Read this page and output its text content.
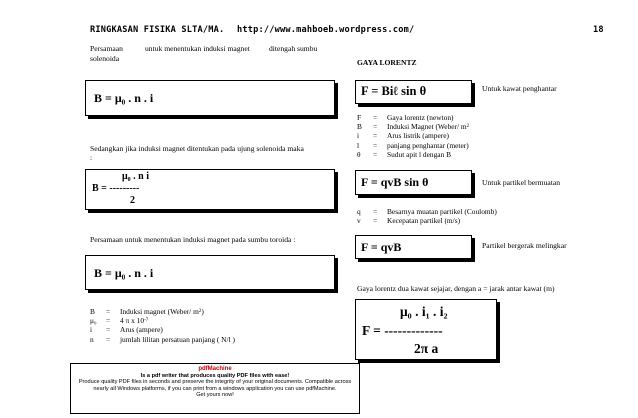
RINGKASAN FISIKA SLTA/MA. http://www.mahboeb.wordpress.com/	18
Persamaan	untuk menentukan induksi magnet	ditengah sumbu
solenoida
B = μ₀ . n . i
Sedangkan jika induksi magnet ditentukan pada ujung solenoida maka
:
μ₀ . n i
B = ---------
2
Persamaan untuk menentukan induksi magnet pada sumbu toroida :
B = μ₀ . n . i
B	=	Induksi magnet (Weber/ m 2 )
μ₀	=	4 π x 10 -7
i	=	Arus (ampere)
n	=	jumlah lilitan persatuan panjang ( N/l )
GAYA LORENTZ
F = Biℓ sin θ	Untuk kawat penghantar
F	=	Gaya lorentz (newton)
B	=	Induksi Magnet (Weber/ m 2
i	=	Arus listrik (ampere)
l	=	panjang penghantar (meter)
θ	=	Sudut apit l dengan B
F = qvB sin θ	Untuk partikel bermuatan
q	=	Besarnya muatan partikel (Coulomb)
v	=	Kecepatan partikel (m/s)
F = qvB	Partikel bergerak melingkar
Gaya lorentz dua kawat sejajar, dengan a = jarak antar kawat (m)
μ₀ . i₁ . i₂
F = -------------
2π a
pdfMachine
Is a pdf writer that produces quality PDF files with ease!
Produce quality PDF files in seconds and preserve the integrity of your original documents. Compatible across
nearly all Windows platforms, if you can print from a windows application you can use pdfMachine.
Get yours now!
